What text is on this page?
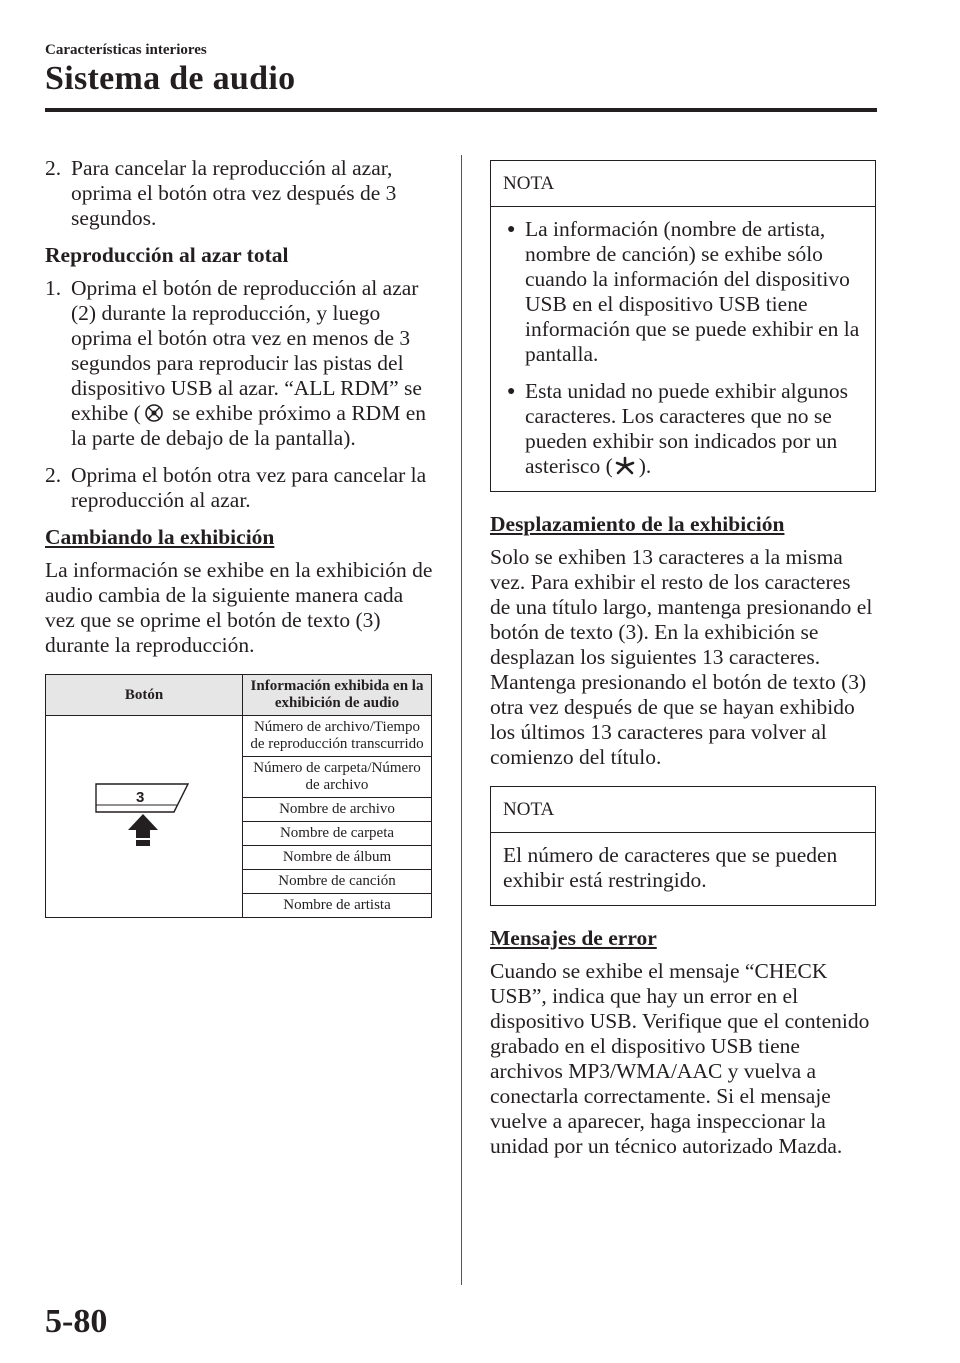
Características interiores
Sistema de audio
2. Para cancelar la reproducción al azar, oprima el botón otra vez después de 3 segundos.
Reproducción al azar total
1. Oprima el botón de reproducción al azar (2) durante la reproducción, y luego oprima el botón otra vez en menos de 3 segundos para reproducir las pistas del dispositivo USB al azar. “ALL RDM” se exhibe ( se exhibe próximo a RDM en la parte de debajo de la pantalla).
2. Oprima el botón otra vez para cancelar la reproducción al azar.
Cambiando la exhibición
La información se exhibe en la exhibición de audio cambia de la siguiente manera cada vez que se oprime el botón de texto (3) durante la reproducción.
Botón	Información exhibida en la exhibición de audio

3	Número de archivo/Tiempo de reproducción transcurrido
	Número de carpeta/Número de archivo
	Nombre de archivo
	Nombre de carpeta
	Nombre de álbum
	Nombre de canción
	Nombre de artista
NOTA
● La información (nombre de artista, nombre de canción) se exhibe sólo cuando la información del dispositivo USB en el dispositivo USB tiene información que se puede exhibir en la pantalla.
● Esta unidad no puede exhibir algunos caracteres. Los caracteres que no se pueden exhibir son indicados por un asterisco ( ).
Desplazamiento de la exhibición
Solo se exhiben 13 caracteres a la misma vez. Para exhibir el resto de los caracteres de una título largo, mantenga presionando el botón de texto (3). En la exhibición se desplazan los siguientes 13 caracteres. Mantenga presionando el botón de texto (3) otra vez después de que se hayan exhibido los últimos 13 caracteres para volver al comienzo del título.
NOTA
El número de caracteres que se pueden exhibir está restringido.
Mensajes de error
Cuando se exhibe el mensaje “CHECK USB”, indica que hay un error en el dispositivo USB. Verifique que el contenido grabado en el dispositivo USB tiene archivos MP3/WMA/AAC y vuelva a conectarla correctamente. Si el mensaje vuelve a aparecer, haga inspeccionar la unidad por un técnico autorizado Mazda.
5-80
